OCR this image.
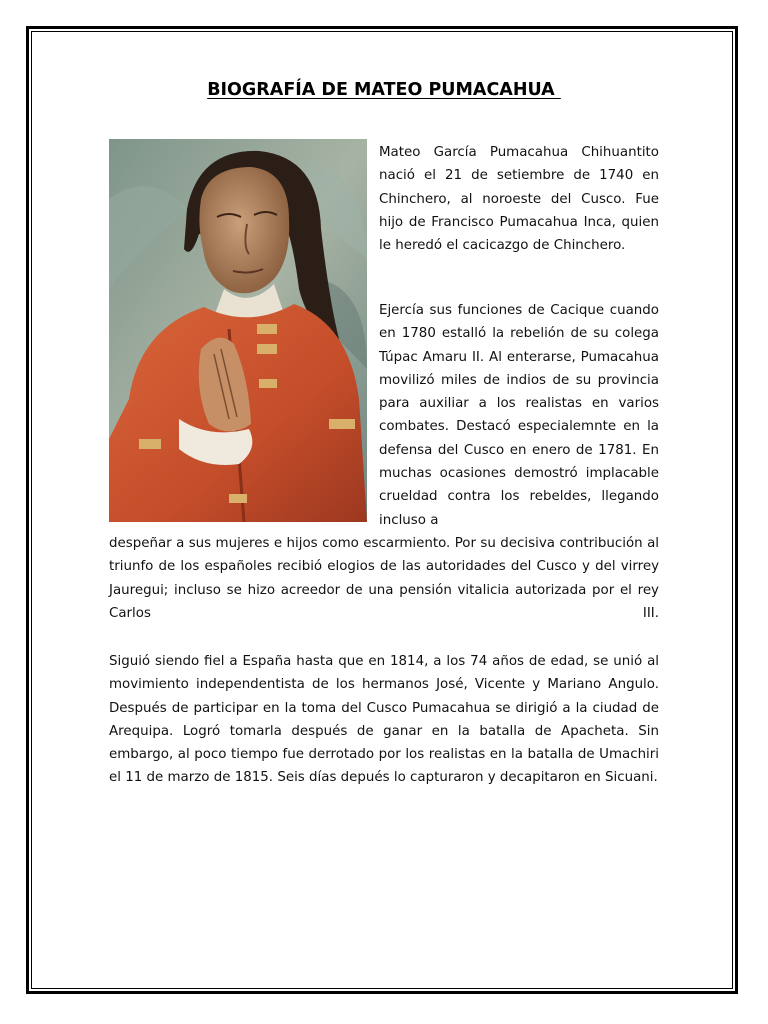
BIOGRAFÍA DE MATEO PUMACAHUA
Mateo García Pumacahua Chihuantito nació el 21 de setiembre de 1740 en Chinchero, al noroeste del Cusco. Fue hijo de Francisco Pumacahua Inca, quien le heredó el cacicazgo de Chinchero.
Ejercía sus funciones de Cacique cuando en 1780 estalló la rebelión de su colega Túpac Amaru II. Al enterarse, Pumacahua movilizó miles de indios de su provincia para auxiliar a los realistas en varios combates. Destacó especialemnte en la defensa del Cusco en enero de 1781. En muchas ocasiones demostró implacable crueldad contra los rebeldes, llegando incluso a
despeñar a sus mujeres e hijos como escarmiento. Por su decisiva contribución al triunfo de los españoles recibió elogios de las autoridades del Cusco y del virrey Jauregui; incluso se hizo acreedor de una pensión vitalicia autorizada por el rey Carlos III.
Siguió siendo fiel a España hasta que en 1814, a los 74 años de edad, se unió al movimiento independentista de los hermanos José, Vicente y Mariano Angulo. Después de participar en la toma del Cusco Pumacahua se dirigió a la ciudad de Arequipa. Logró tomarla después de ganar en la batalla de Apacheta. Sin embargo, al poco tiempo fue derrotado por los realistas en la batalla de Umachiri el 11 de marzo de 1815. Seis días depués lo capturaron y decapitaron en Sicuani.
